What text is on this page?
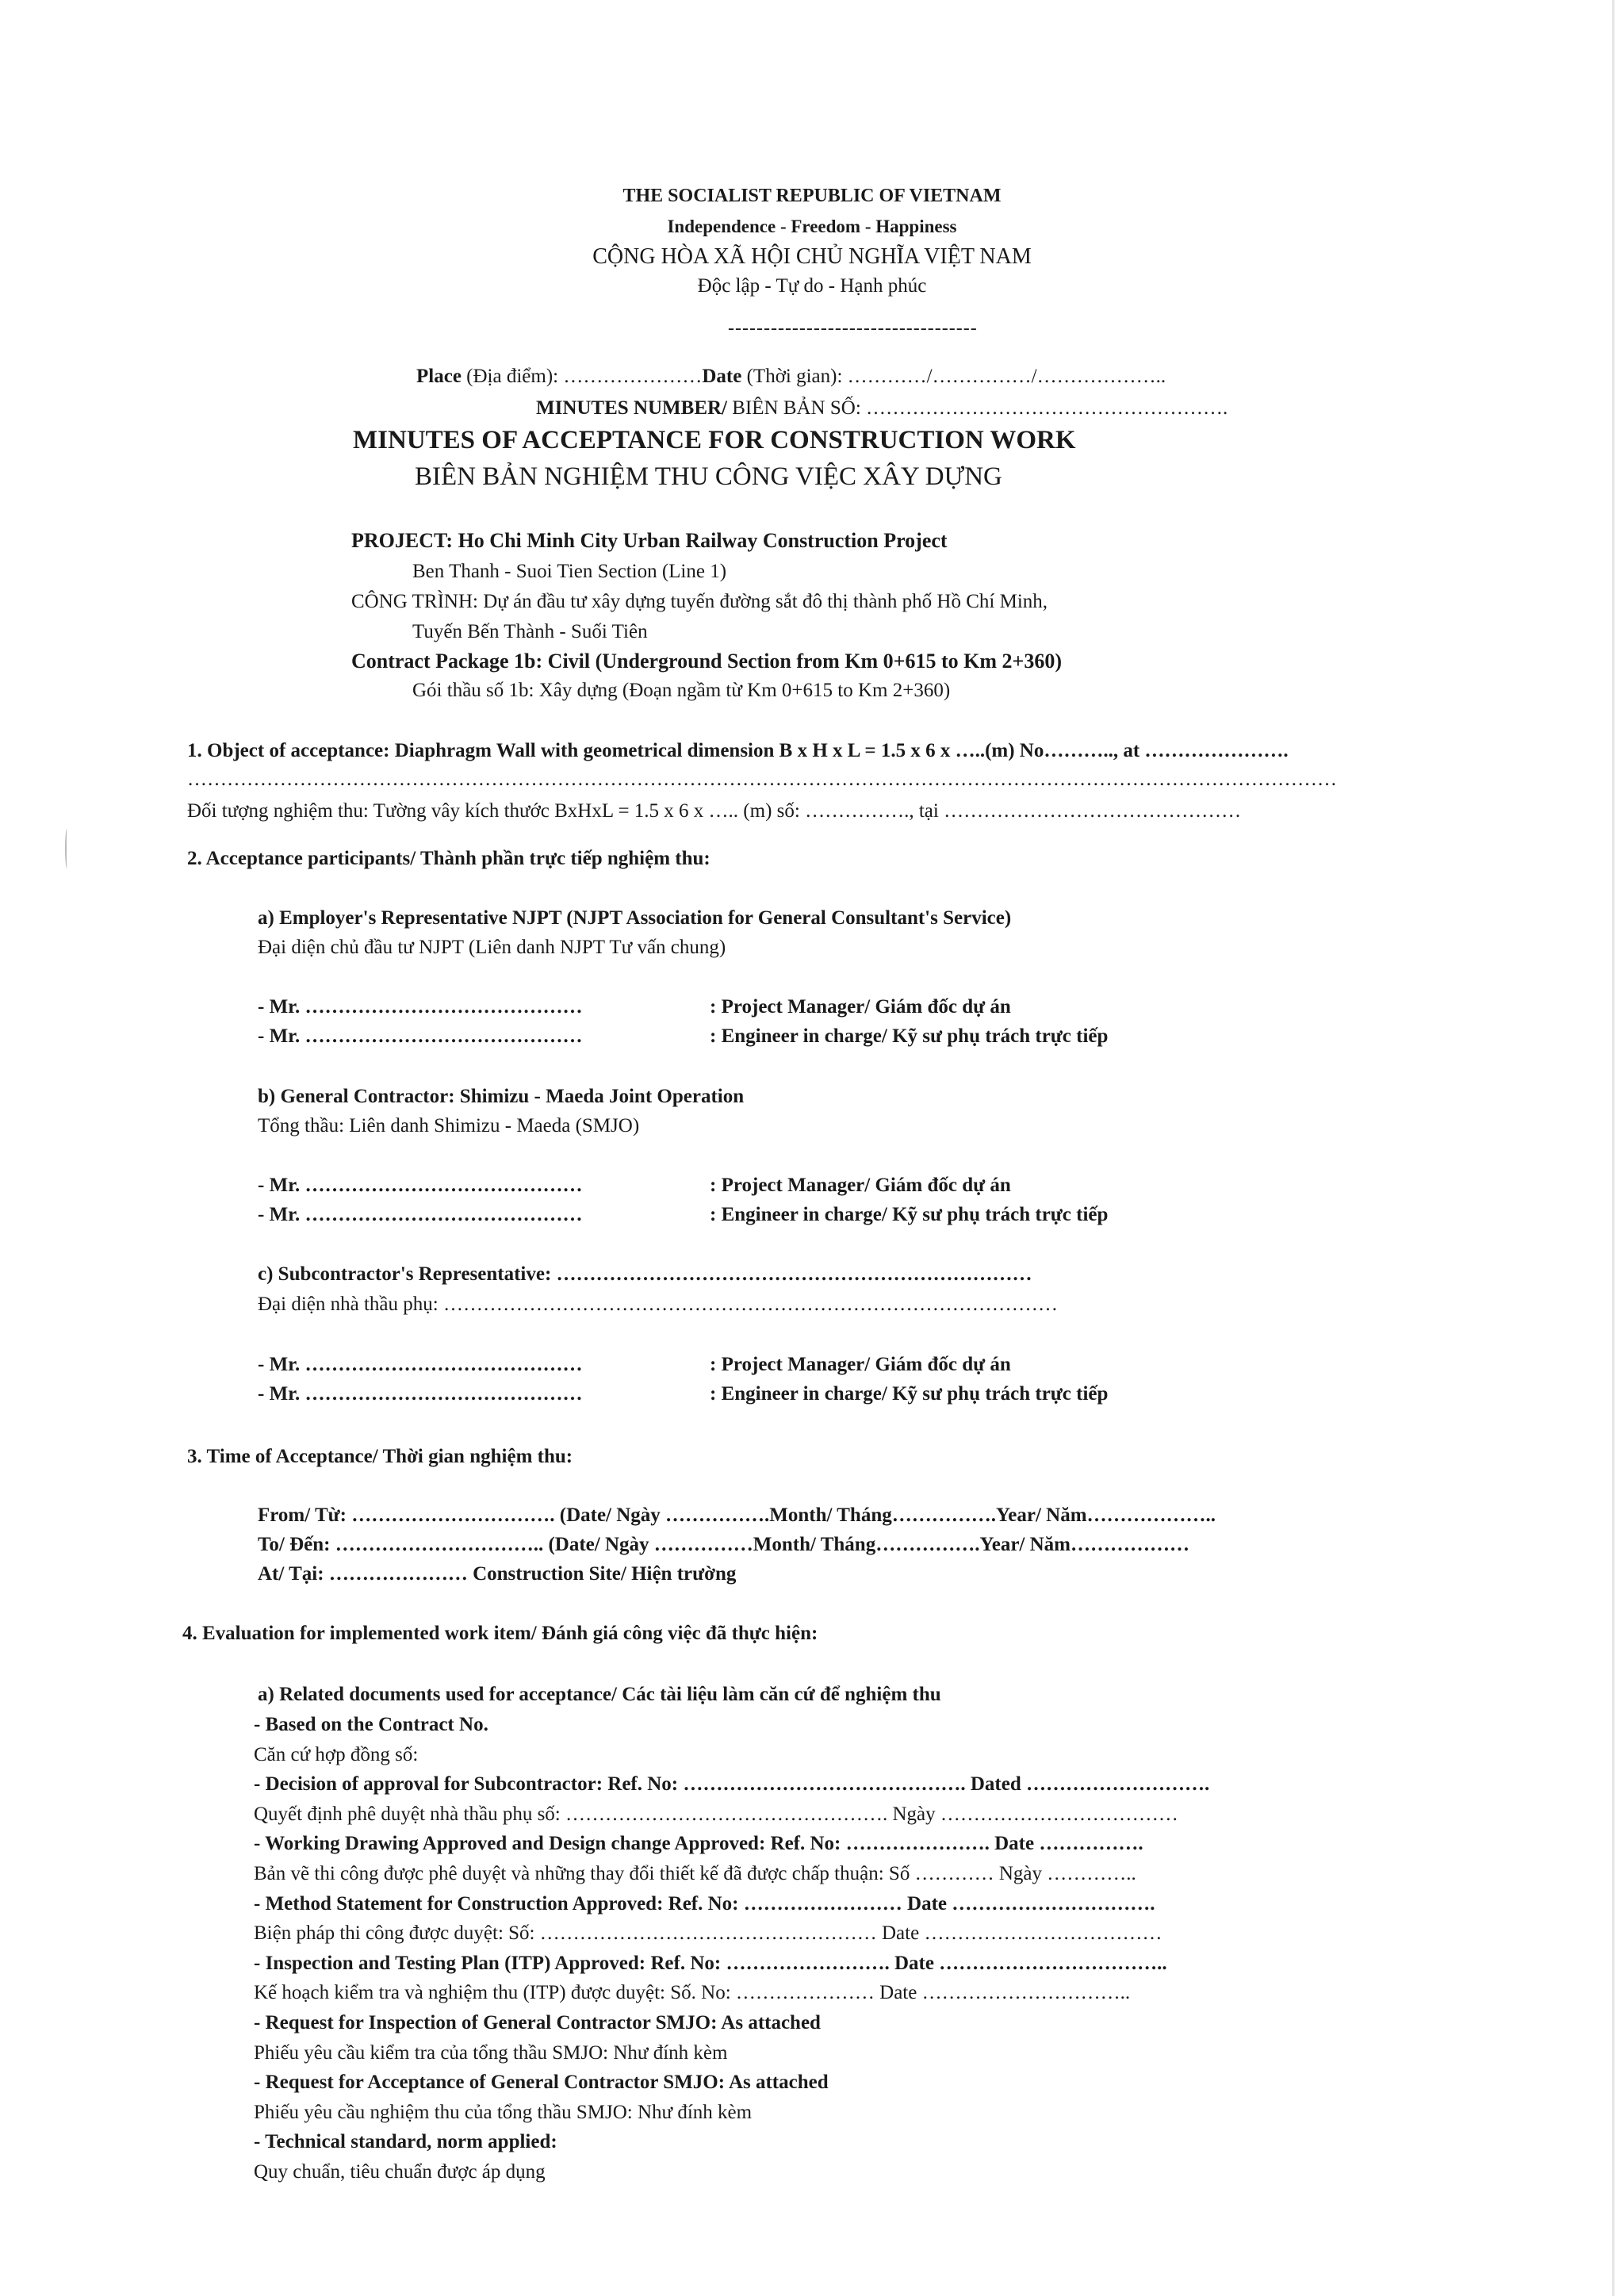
THE SOCIALIST REPUBLIC OF VIETNAM
Independence - Freedom - Happiness
CỘNG HÒA XÃ HỘI CHỦ NGHĨA VIỆT NAM
Độc lập - Tự do - Hạnh phúc
-----------------------------------
Place (Địa điểm): …………………Date (Thời gian): …………/……………/………………..
MINUTES NUMBER/ BIÊN BẢN SỐ: ……………………………………………….
MINUTES OF ACCEPTANCE FOR CONSTRUCTION WORK
BIÊN BẢN NGHIỆM THU CÔNG VIỆC XÂY DỰNG
PROJECT: Ho Chi Minh City Urban Railway Construction Project
Ben Thanh - Suoi Tien Section (Line 1)
CÔNG TRÌNH: Dự án đầu tư xây dựng tuyến đường sắt đô thị thành phố Hồ Chí Minh,
Tuyến Bến Thành - Suối Tiên
Contract Package 1b: Civil (Underground Section from Km 0+615 to Km 2+360)
Gói thầu số 1b: Xây dựng (Đoạn ngầm từ Km 0+615 to Km 2+360)
1. Object of acceptance: Diaphragm Wall with geometrical dimension B x H x L = 1.5 x 6 x …..(m) No……….., at ………………….
…………………………………………………………………………………………………………………………………………………………
Đối tượng nghiệm thu: Tường vây kích thước BxHxL = 1.5 x 6 x ….. (m) số: ……………., tại ………………………………………
2. Acceptance participants/ Thành phần trực tiếp nghiệm thu:
a) Employer's Representative NJPT (NJPT Association for General Consultant's Service)
Đại diện chủ đầu tư NJPT (Liên danh NJPT Tư vấn chung)
- Mr. ……………………………………	: Project Manager/ Giám đốc dự án
- Mr. ……………………………………	: Engineer in charge/ Kỹ sư phụ trách trực tiếp
b) General Contractor: Shimizu - Maeda Joint Operation
Tổng thầu: Liên danh Shimizu - Maeda (SMJO)
- Mr. ……………………………………	: Project Manager/ Giám đốc dự án
- Mr. ……………………………………	: Engineer in charge/ Kỹ sư phụ trách trực tiếp
c) Subcontractor's Representative: ………………………………………………………………
Đại diện nhà thầu phụ: …………………………………………………………………………………
- Mr. ……………………………………	: Project Manager/ Giám đốc dự án
- Mr. ……………………………………	: Engineer in charge/ Kỹ sư phụ trách trực tiếp
3. Time of Acceptance/ Thời gian nghiệm thu:
From/ Từ: …………………………. (Date/ Ngày …………….Month/ Tháng…………….Year/ Năm………………..
To/ Đến: ………………………….. (Date/ Ngày ……………Month/ Tháng…………….Year/ Năm………………
At/ Tại: ………………… Construction Site/ Hiện trường
4. Evaluation for implemented work item/ Đánh giá công việc đã thực hiện:
a) Related documents used for acceptance/ Các tài liệu làm căn cứ để nghiệm thu
- Based on the Contract No.
Căn cứ hợp đồng số:
- Decision of approval for Subcontractor: Ref. No: ……………………………………. Dated ……………………….
Quyết định phê duyệt nhà thầu phụ số: …………………………………………. Ngày ………………………………
- Working Drawing Approved and Design change Approved: Ref. No: …………………. Date …………….
Bản vẽ thi công được phê duyệt và những thay đổi thiết kế đã được chấp thuận: Số ………… Ngày …………..
- Method Statement for Construction Approved: Ref. No: …………………… Date ………………………….
Biện pháp thi công được duyệt: Số: …………………………………………… Date ………………………………
- Inspection and Testing Plan (ITP) Approved: Ref. No: ……………………. Date ……………………………..
Kế hoạch kiểm tra và nghiệm thu (ITP) được duyệt: Số. No: ………………… Date …………………………..
- Request for Inspection of General Contractor SMJO: As attached
Phiếu yêu cầu kiểm tra của tổng thầu SMJO: Như đính kèm
- Request for Acceptance of General Contractor SMJO: As attached
Phiếu yêu cầu nghiệm thu của tổng thầu SMJO: Như đính kèm
- Technical standard, norm applied:
Quy chuẩn, tiêu chuẩn được áp dụng
